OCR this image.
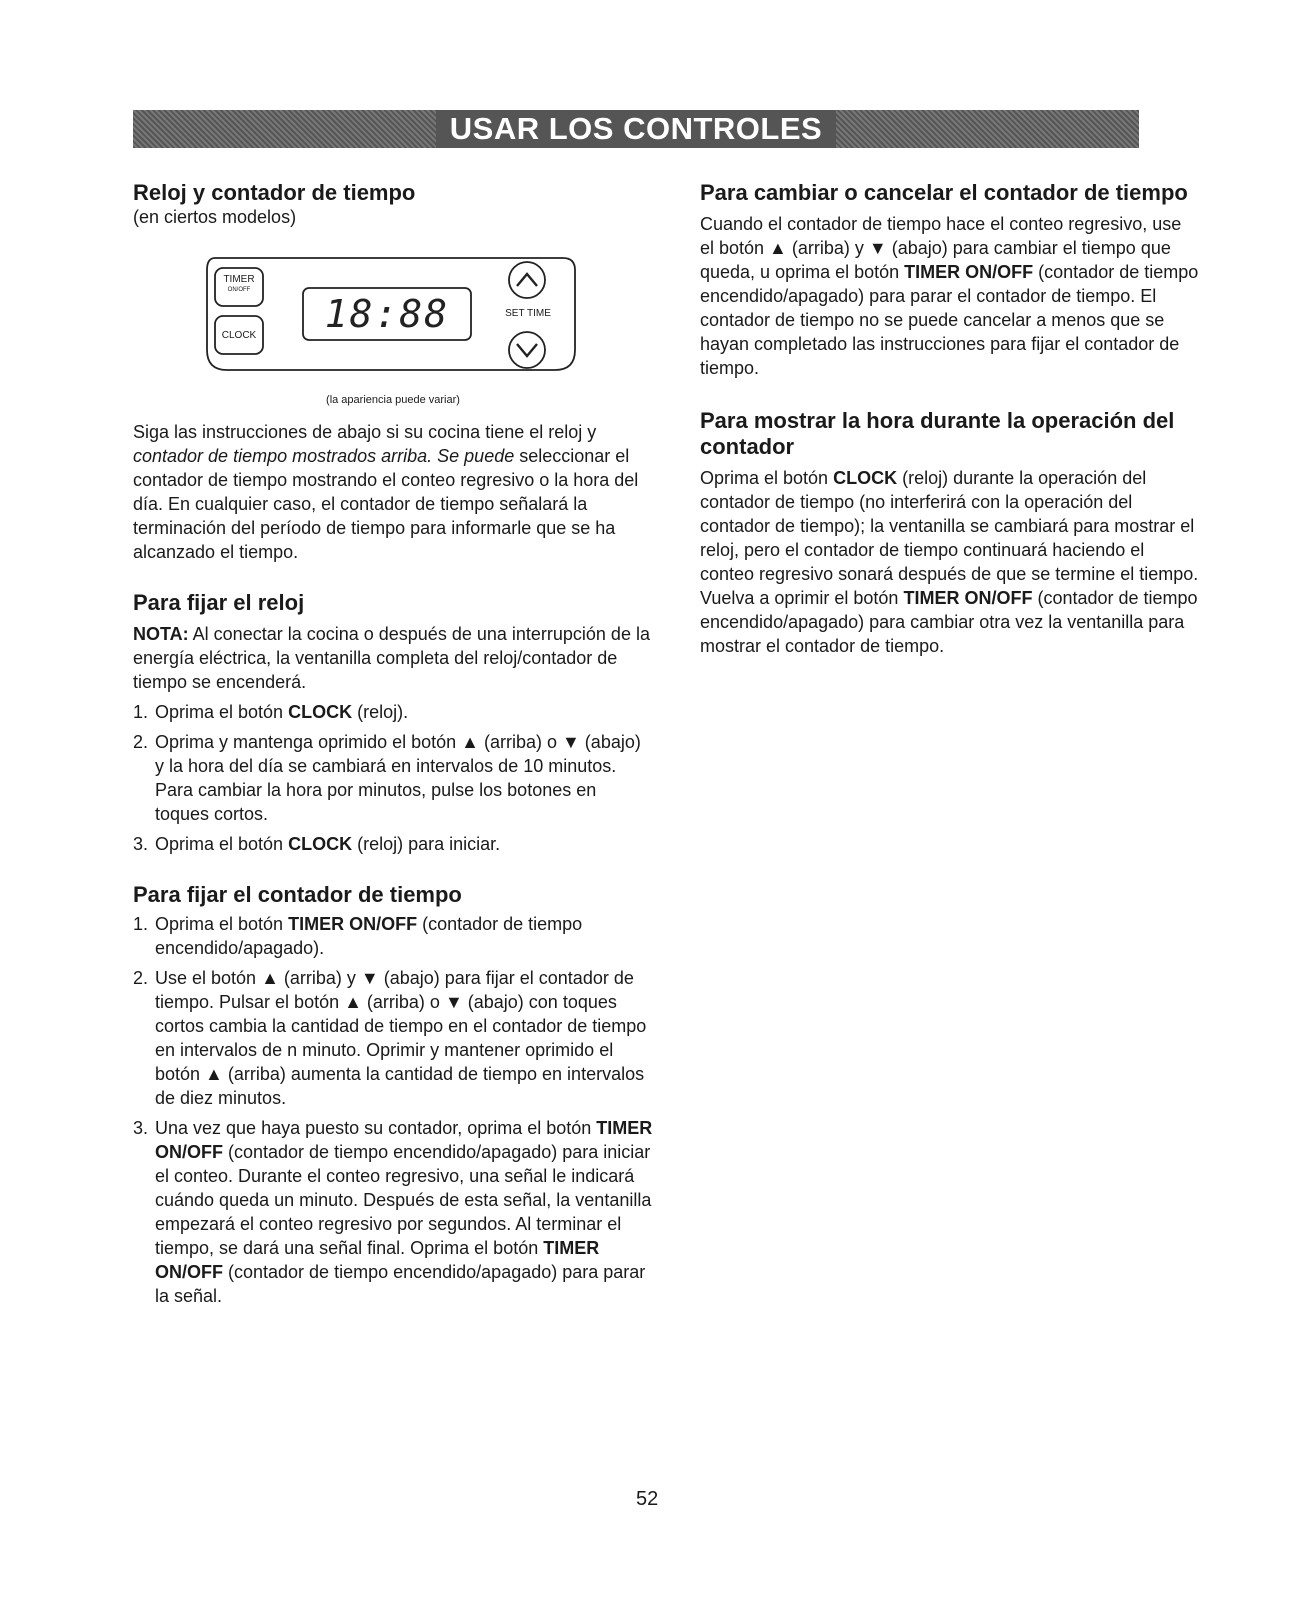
USAR LOS CONTROLES
Reloj y contador de tiempo

(en ciertos modelos)

TIMER
ON/OFF
CLOCK	18:88	SET TIME

(la apariencia puede variar)

Siga las instrucciones de abajo si su cocina tiene el reloj y contador de tiempo mostrados arriba. Se puede seleccionar el contador de tiempo mostrando el conteo regresivo o la hora del día. En cualquier caso, el contador de tiempo señalará la terminación del período de tiempo para informarle que se ha alcanzado el tiempo.

Para fijar el reloj

NOTA: Al conectar la cocina o después de una interrupción de la energía eléctrica, la ventanilla completa del reloj/contador de tiempo se encenderá.

1. Oprima el botón CLOCK (reloj).
2. Oprima y mantenga oprimido el botón ▲ (arriba) o ▼ (abajo) y la hora del día se cambiará en intervalos de 10 minutos. Para cambiar la hora por minutos, pulse los botones en toques cortos.
3. Oprima el botón CLOCK (reloj) para iniciar.
Para fijar el contador de tiempo
1. Oprima el botón TIMER ON/OFF (contador de tiempo encendido/apagado).
2. Use el botón ▲ (arriba) y ▼ (abajo) para fijar el contador de tiempo. Pulsar el botón ▲ (arriba) o ▼ (abajo) con toques cortos cambia la cantidad de tiempo en el contador de tiempo en intervalos de n minuto. Oprimir y mantener oprimido el botón ▲ (arriba) aumenta la cantidad de tiempo en intervalos de diez minutos.
3. Una vez que haya puesto su contador, oprima el botón TIMER ON/OFF (contador de tiempo encendido/apagado) para iniciar el conteo. Durante el conteo regresivo, una señal le indicará cuándo queda un minuto. Después de esta señal, la ventanilla empezará el conteo regresivo por segundos. Al terminar el tiempo, se dará una señal final. Oprima el botón TIMER ON/OFF (contador de tiempo encendido/apagado) para parar la señal.
Para cambiar o cancelar el contador de tiempo

Cuando el contador de tiempo hace el conteo regresivo, use el botón ▲ (arriba) y ▼ (abajo) para cambiar el tiempo que queda, u oprima el botón TIMER ON/OFF (contador de tiempo encendido/apagado) para parar el contador de tiempo. El contador de tiempo no se puede cancelar a menos que se hayan completado las instrucciones para fijar el contador de tiempo.

Para mostrar la hora durante la operación del contador

Oprima el botón CLOCK (reloj) durante la operación del contador de tiempo (no interferirá con la operación del contador de tiempo); la ventanilla se cambiará para mostrar el reloj, pero el contador de tiempo continuará haciendo el conteo regresivo sonará después de que se termine el tiempo. Vuelva a oprimir el botón TIMER ON/OFF (contador de tiempo encendido/apagado) para cambiar otra vez la ventanilla para mostrar el contador de tiempo.

52
